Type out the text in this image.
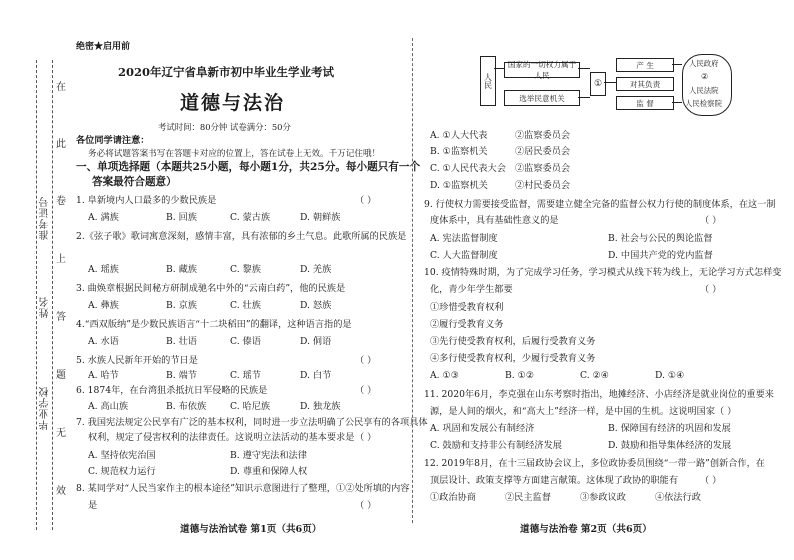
在
此
卷
上
答
题
无
效
准考证号
姓名
毕业学校
绝密★启用前
2020年辽宁省阜新市初中毕业生学业考试
道德与法治
考试时间：80分钟 试卷满分：50分
各位同学请注意：
务必将试题答案书写在答题卡对应的位置上，答在试卷上无效。千万记住哦！
一、单项选择题（本题共25小题，每小题1分，共25分。每小题只有一个
答案最符合题意）
1. 阜新境内人口最多的少数民族是	（ ）
A. 满族	B. 回族	C. 蒙古族	D. 朝鲜族
2.《弦子歌》歌词寓意深刻，感情丰富，具有浓郁的乡土气息。此歌所属的民族是
A. 瑶族	B. 藏族	C. 黎族	D. 羌族
3. 曲焕章根据民间秘方研制成驰名中外的“云南白药”，他的民族是
A. 彝族	B. 京族	C. 壮族	D. 怒族
4.“西双版纳”是少数民族语言“十二块稻田”的翻译，这种语言指的是
A. 水语	B. 壮语	C. 傣语	D. 侗语
5. 水族人民新年开始的节日是	（ ）
A. 哈节	B. 端节	C. 瑶节	D. 白节
6. 1874年，在台湾狙杀抵抗日军侵略的民族是	（ ）
A. 高山族	B. 布依族	C. 哈尼族	D. 独龙族
7. 我国宪法规定公民享有广泛的基本权利，同时进一步立法明确了公民享有的各项具体
权利，规定了侵害权利的法律责任。这说明立法活动的基本要求是 （ ）
A. 坚持依宪治国	B. 遵守宪法和法律
C. 规范权力运行	D. 尊重和保障人权
8. 某同学对“人民当家作主的根本途径”知识示意图进行了整理，①②处所填的内容
是	（ ）
道德与法治试卷 第1页（共6页）
人民
国家的一切权力属于人民
选举民意机关
①
产 生
对其负责
监 督
人民政府
②
人民法院
人民检察院
A. ①人大代表	②监察委员会
B. ①监察机关	②居民委员会
C. ①人民代表大会 ②监察委员会
D. ①监察机关	②村民委员会
9. 行使权力需要接受监督，需要建立健全完备的监督公权力行使的制度体系，在这一制
度体系中，具有基础性意义的是	（ ）
A. 宪法监督制度	B. 社会与公民的舆论监督
C. 人大监督制度	D. 中国共产党的党内监督
10. 疫情特殊时期，为了完成学习任务，学习模式从线下转为线上，无论学习方式怎样变
化，青少年学生都要	（ ）
①珍惜受教育权利
②履行受教育义务
③先行使受教育权利，后履行受教育义务
④多行使受教育权利，少履行受教育义务
A. ①③	B. ①②	C. ②④	D. ①④
11. 2020年6月，李克强在山东考察时指出，地摊经济、小店经济是就业岗位的重要来
源，是人间的烟火，和“高大上”经济一样，是中国的生机。这说明国家（ ）
A. 巩固和发展公有制经济	B. 保障国有经济的巩固和发展
C. 鼓励和支持非公有制经济发展	D. 鼓励和指导集体经济的发展
12. 2019年8月，在十三届政协会议上，多位政协委员围绕“一带一路”创新合作，在
顶层设计、政策支撑等方面建言献策。这体现了政协的职能有 （ ）
①政治协商	②民主监督	③参政议政	④依法行政
道德与法治卷 第2页（共6页）
